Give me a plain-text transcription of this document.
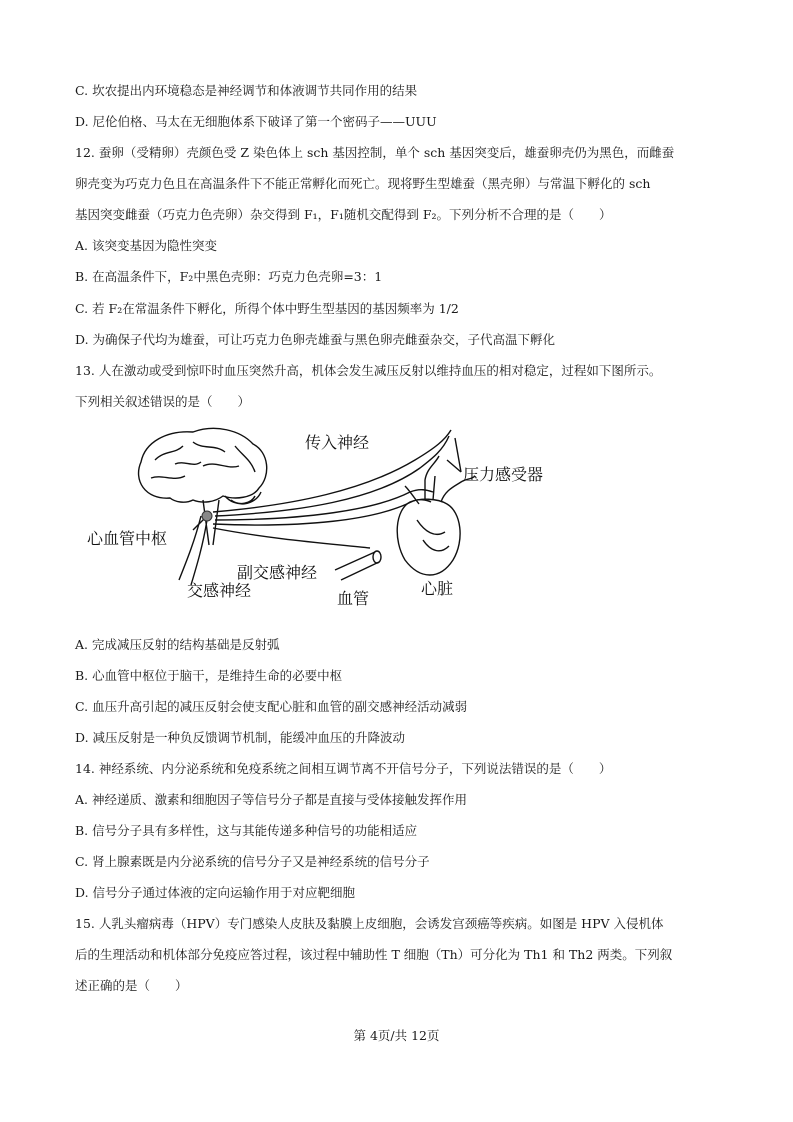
C. 坎农提出内环境稳态是神经调节和体液调节共同作用的结果
D. 尼伦伯格、马太在无细胞体系下破译了第一个密码子——UUU
12. 蚕卵（受精卵）壳颜色受 Z 染色体上 sch 基因控制，单个 sch 基因突变后，雄蚕卵壳仍为黑色，而雌蚕
卵壳变为巧克力色且在高温条件下不能正常孵化而死亡。现将野生型雄蚕（黑壳卵）与常温下孵化的 sch
基因突变雌蚕（巧克力色壳卵）杂交得到 F₁，F₁随机交配得到 F₂。下列分析不合理的是（　　）
A. 该突变基因为隐性突变
B. 在高温条件下，F₂中黑色壳卵：巧克力色壳卵=3：1
C. 若 F₂在常温条件下孵化，所得个体中野生型基因的基因频率为 1/2
D. 为确保子代均为雄蚕，可让巧克力色卵壳雄蚕与黑色卵壳雌蚕杂交，子代高温下孵化
13. 人在激动或受到惊吓时血压突然升高，机体会发生减压反射以维持血压的相对稳定，过程如下图所示。
下列相关叙述错误的是（　　）
传入神经
压力感受器
心血管中枢
副交感神经
交感神经	血管
心脏
A. 完成减压反射的结构基础是反射弧
B. 心血管中枢位于脑干，是维持生命的必要中枢
C. 血压升高引起的减压反射会使支配心脏和血管的副交感神经活动减弱
D. 减压反射是一种负反馈调节机制，能缓冲血压的升降波动
14. 神经系统、内分泌系统和免疫系统之间相互调节离不开信号分子，下列说法错误的是（　　）
A. 神经递质、激素和细胞因子等信号分子都是直接与受体接触发挥作用
B. 信号分子具有多样性，这与其能传递多种信号的功能相适应
C. 肾上腺素既是内分泌系统的信号分子又是神经系统的信号分子
D. 信号分子通过体液的定向运输作用于对应靶细胞
15. 人乳头瘤病毒（HPV）专门感染人皮肤及黏膜上皮细胞，会诱发宫颈癌等疾病。如图是 HPV 入侵机体
后的生理活动和机体部分免疫应答过程，该过程中辅助性 T 细胞（Th）可分化为 Th1 和 Th2 两类。下列叙
述正确的是（　　）
第 4页/共 12页
